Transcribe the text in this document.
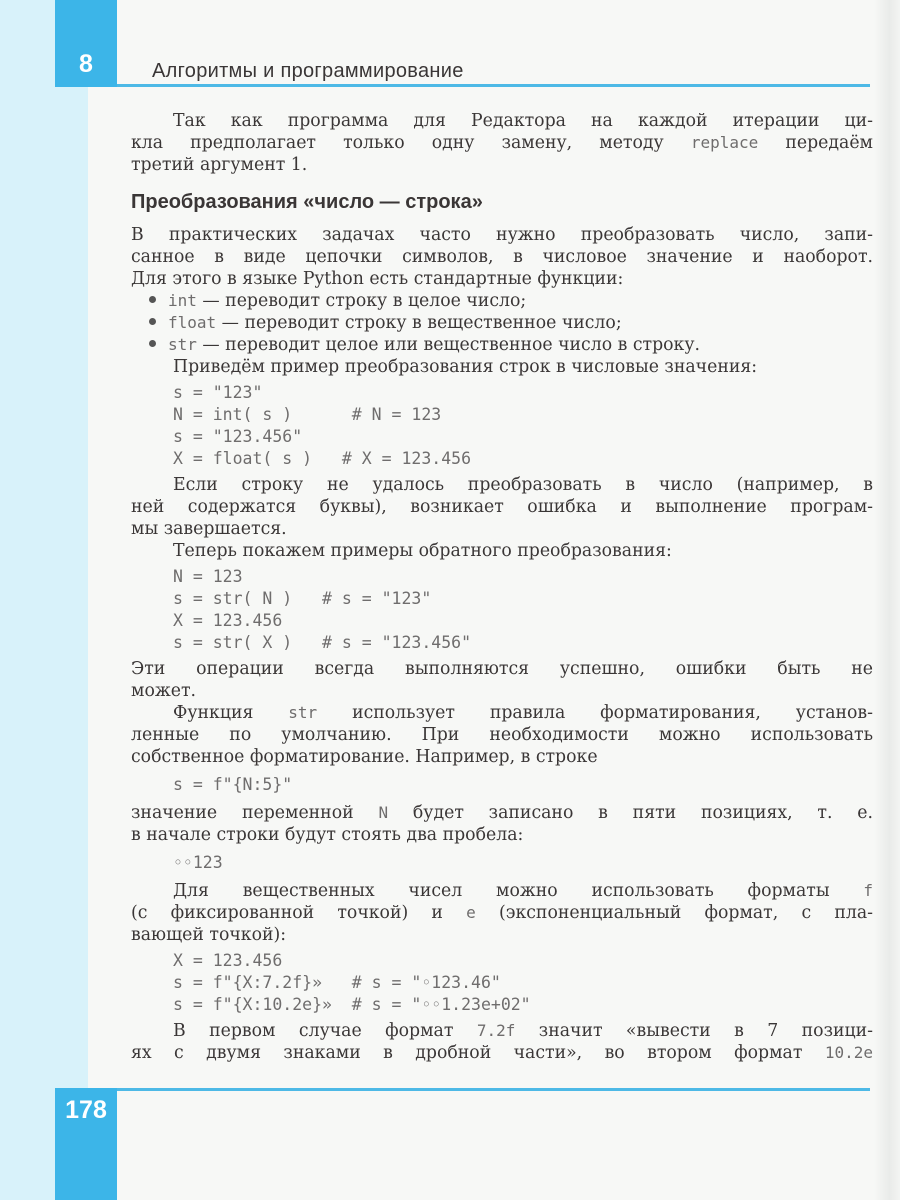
8	Алгоритмы и программирование
Так как программа для Редактора на каждой итерации ци-
кла предполагает только одну замену, методу replace передаём
третий аргумент 1.
Преобразования «число — строка»
В практических задачах часто нужно преобразовать число, запи-
санное в виде цепочки символов, в числовое значение и наоборот.
Для этого в языке Python есть стандартные функции:
int — переводит строку в целое число;
float — переводит строку в вещественное число;
str — переводит целое или вещественное число в строку.
Приведём пример преобразования строк в числовые значения:
s = "123"
N = int( s )      # N = 123
s = "123.456"
X = float( s )   # X = 123.456
Если строку не удалось преобразовать в число (например, в
ней содержатся буквы), возникает ошибка и выполнение програм-
мы завершается.
Теперь покажем примеры обратного преобразования:
N = 123
s = str( N )   # s = "123"
X = 123.456
s = str( X )   # s = "123.456"
Эти операции всегда выполняются успешно, ошибки быть не
может.
Функция str использует правила форматирования, установ-
ленные по умолчанию. При необходимости можно использовать
собственное форматирование. Например, в строке
s = f"{N:5}"
значение переменной N будет записано в пяти позициях, т. е.
в начале строки будут стоять два пробела:
◦◦123
Для вещественных чисел можно использовать форматы f
(с фиксированной точкой) и e (экспоненциальный формат, с пла-
вающей точкой):
X = 123.456
s = f"{X:7.2f}»   # s = "◦123.46"
s = f"{X:10.2e}»  # s = "◦◦1.23e+02"
В первом случае формат 7.2f значит «вывести в 7 позици-
ях с двумя знаками в дробной части», во втором формат 10.2e
178
